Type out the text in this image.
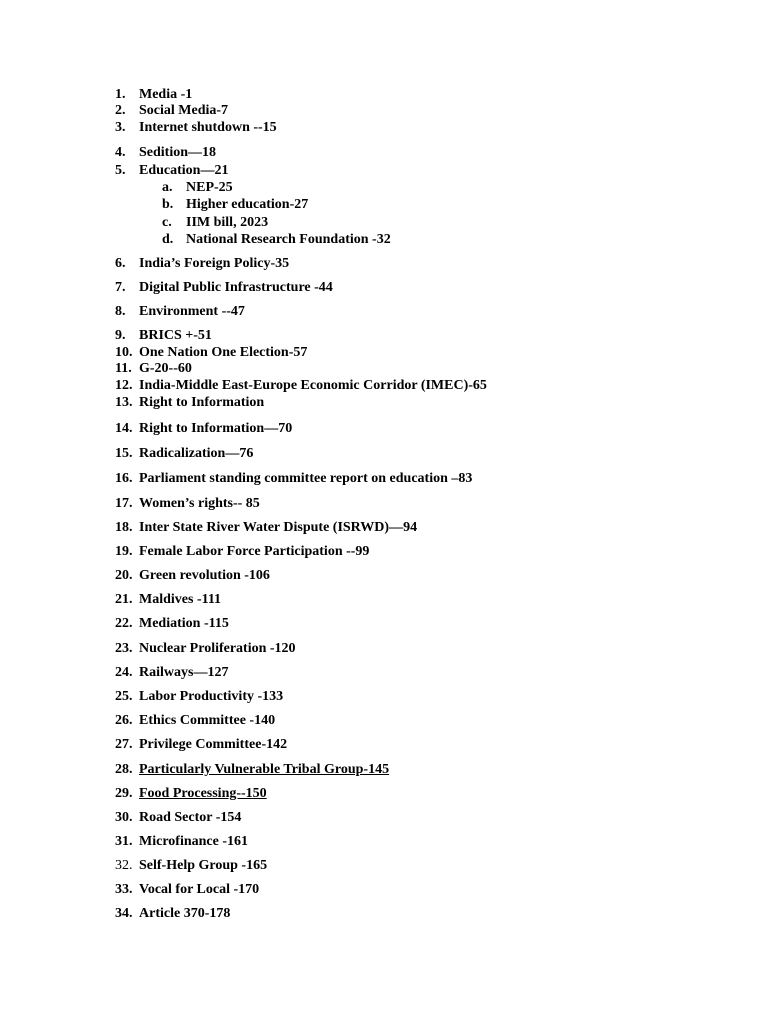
1. Media -1
2. Social Media-7
3. Internet shutdown --15
4. Sedition—18
5. Education—21
a. NEP-25
b. Higher education-27
c. IIM bill, 2023
d. National Research Foundation -32
6. India’s Foreign Policy-35
7. Digital Public Infrastructure -44
8. Environment --47
9. BRICS +-51
10. One Nation One Election-57
11. G-20--60
12. India-Middle East-Europe Economic Corridor (IMEC)-65
13. Right to Information
14. Right to Information—70
15. Radicalization—76
16. Parliament standing committee report on education –83
17. Women’s rights-- 85
18. Inter State River Water Dispute (ISRWD)—94
19. Female Labor Force Participation --99
20. Green revolution -106
21. Maldives -111
22. Mediation -115
23. Nuclear Proliferation -120
24. Railways—127
25. Labor Productivity -133
26. Ethics Committee -140
27. Privilege Committee-142
28. Particularly Vulnerable Tribal Group-145
29. Food Processing--150
30. Road Sector -154
31. Microfinance -161
32. Self-Help Group -165
33. Vocal for Local -170
34. Article 370-178
